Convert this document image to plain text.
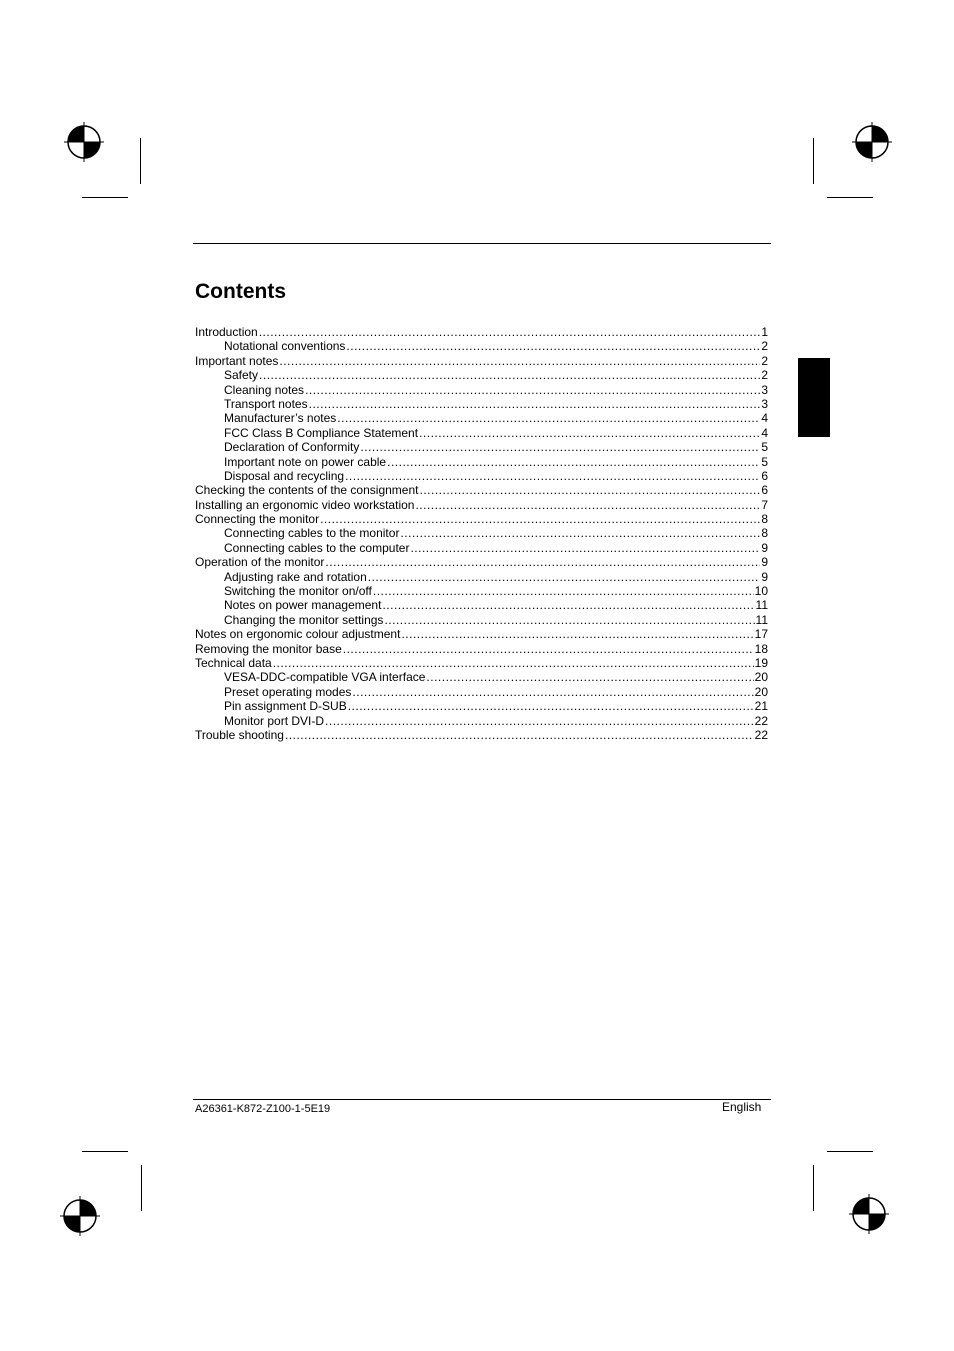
Contents
Introduction .....	1
Notational conventions .....	2
Important notes .....	2
Safety .....	2
Cleaning notes .....	3
Transport notes .....	3
Manufacturer’s notes .....	4
FCC Class B Compliance Statement .....	4
Declaration of Conformity .....	5
Important note on power cable .....	5
Disposal and recycling .....	6
Checking the contents of the consignment .....	6
Installing an ergonomic video workstation .....	7
Connecting the monitor .....	8
Connecting cables to the monitor .....	8
Connecting cables to the computer .....	9
Operation of the monitor .....	9
Adjusting rake and rotation .....	9
Switching the monitor on/off .....	10
Notes on power management .....	11
Changing the monitor settings .....	11
Notes on ergonomic colour adjustment .....	17
Removing the monitor base .....	18
Technical data .....	19
VESA-DDC-compatible VGA interface .....	20
Preset operating modes .....	20
Pin assignment D-SUB .....	21
Monitor port DVI-D .....	22
Trouble shooting .....	22
A26361-K872-Z100-1-5E19	English
